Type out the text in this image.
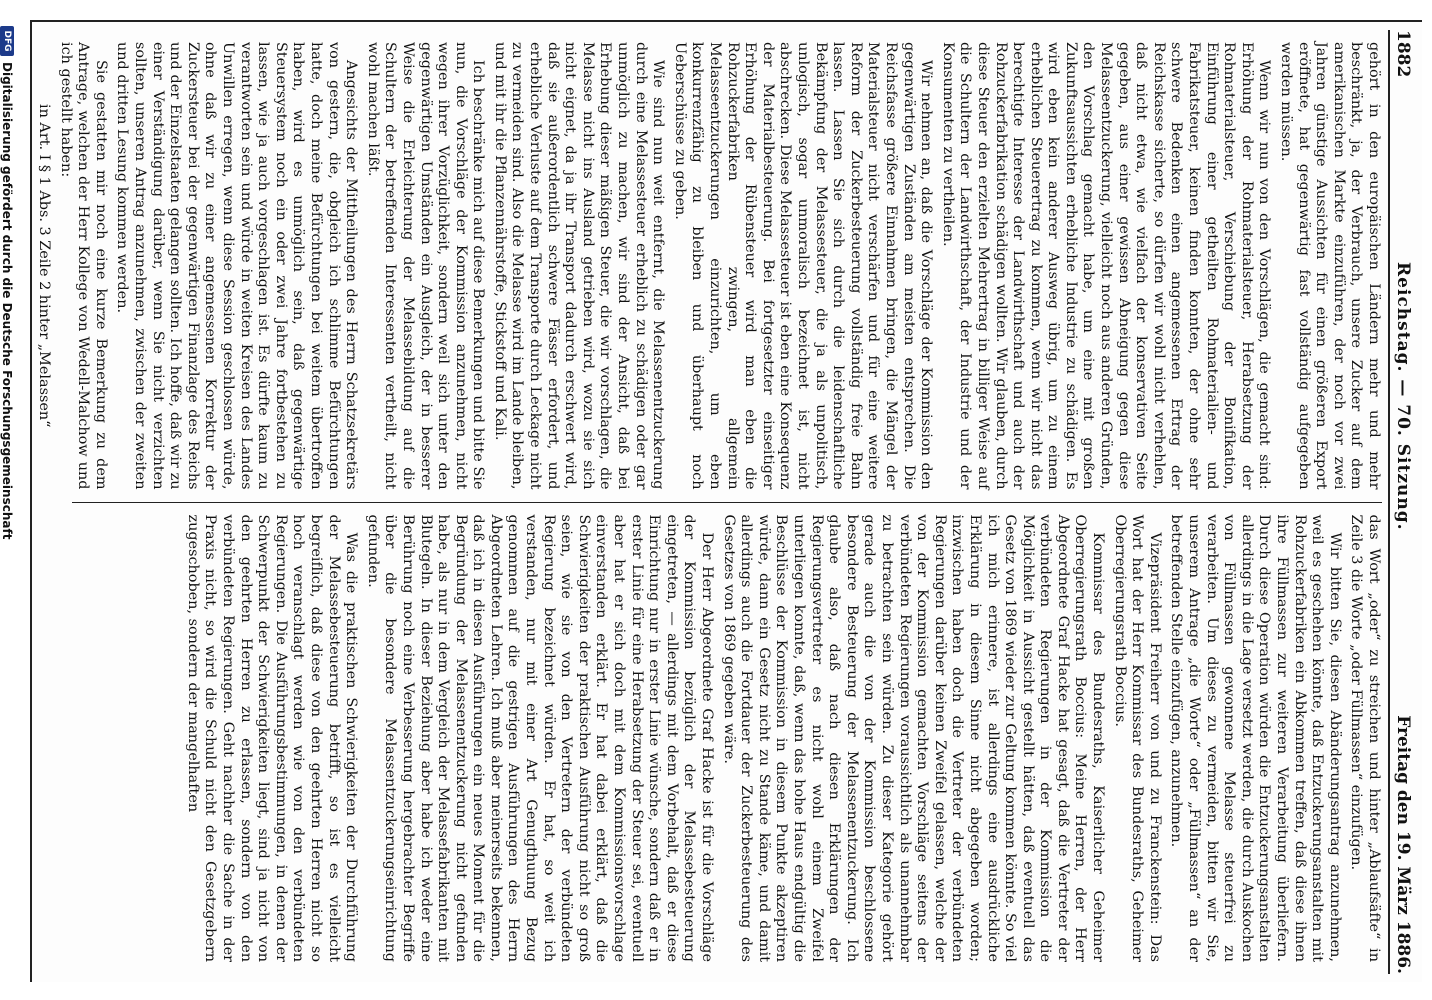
1882
Reichstag. — 70. Sitzung.
Freitag den 19. März 1886.

gehört in den europäischen Ländern mehr und mehr beschränkt, ja, der Verbrauch, unsere Zucker auf dem amerikanischen Markte einzuführen, der noch vor zwei Jahren günstige Aussichten für einen größeren Export eröffnete, hat gegenwärtig fast vollständig aufgegeben werden müssen.

Wenn wir nun von den Vorschlägen, die gemacht sind: Erhöhung der Rohmaterialsteuer, Herabsetzung der Rohmaterialsteuer, Verschiebung der Bonifikation, Einführung einer getheilten Rohmaterialien- und Fabrikatsteuer, keinen finden konnten, der ohne sehr schwere Bedenken einen angemessenen Ertrag der Reichskasse sicherte, so dürfen wir wohl nicht verhehlen, daß nicht etwa, wie vielfach der konservativen Seite gegeben, aus einer gewissen Abneigung gegen diese Melasseentzuckerung, vielleicht noch aus anderen Gründen, den Vorschlag gemacht habe, um eine mit großen Zukunftsaussichten erhebliche Industrie zu schädigen. Es wird eben kein anderer Ausweg übrig, um zu einem erheblichen Steuerertrag zu kommen, wenn wir nicht das berechtigte Interesse der Landwirthschaft und auch der Rohzuckerfabrikation schädigen wollten. Wir glauben, durch diese Steuer den erzielten Mehrertrag in billiger Weise auf die Schultern der Landwirthschaft, der Industrie und der Konsumenten zu vertheilen.

Wir nehmen an, daß die Vorschläge der Kommission den gegenwärtigen Zuständen am meisten entsprechen. Die Reichsfasse größere Einnahmen bringen, die Mängel der Materialsteuer nicht verschärfen und für eine weitere Reform der Zuckerbesteuerung vollständig freie Bahn lassen. Lassen Sie sich durch die leidenschaftliche Bekämpfung der Melassesteuer, die ja als unpolitisch, unlogisch, sogar unmoralisch bezeichnet ist, nicht abschrecken. Diese Melassesteuer ist eben eine Konsequenz der Materialbesteuerung. Bei fortgesetzter einseitiger Erhöhung der Rübensteuer wird man eben die Rohzuckerfabriken zwingen, allgemein Melasseentzuckerungen einzurichten, um eben konkurrenzfähig zu bleiben und überhaupt noch Ueberschüsse zu geben.

Wie sind nun weit entfernt, die Melassenentzuckerung durch eine Melassesteuer erheblich zu schädigen oder gar unmöglich zu machen, wir sind der Ansicht, daß bei Erhebung dieser mäßigen Steuer, die wir vorschlagen, die Melasse nicht ins Ausland getrieben wird, wozu sie sich nicht eignet, da ja ihr Transport dadurch erschwert wird, daß sie außerordentlich schwere Fässer erfordert, und erhebliche Verluste auf dem Transporte durch Leckage nicht zu vermeiden sind. Also die Melasse wird im Lande bleiben, und mit ihr die Pflanzennährstoffe, Stickstoff und Kali.

Ich beschränke mich auf diese Bemerkungen und bitte Sie nun, die Vorschläge der Kommission anzunehmen, nicht wegen ihrer Vorzüglichkeit, sondern weil sich unter den gegenwärtigen Umständen ein Ausgleich, der in besserer Weise die Erleichterung der Melassebildung auf die Schultern der betreffenden Interessenten vertheilt, nicht wohl machen läßt.

Angesichts der Mittheilungen des Herrn Schatzsekretärs von gestern, die, obgleich ich schlimme Befürchtungen hatte, doch meine Befürchtungen bei weitem übertroffen haben, wird es unmöglich sein, daß gegenwärtige Steuersystem noch ein oder zwei Jahre fortbestehen zu lassen, wie ja auch vorgeschlagen ist. Es dürfte kaum zu verantworten sein und würde in weiten Kreisen des Landes Unwillen erregen, wenn diese Session geschlossen würde, ohne daß wir zu einer angemessenen Korrektur der Zuckersteuer bei der gegenwärtigen Finanzlage des Reichs und der Einzelstaaten gelangen sollten. Ich hoffe, daß wir zu einer Verständigung darüber, wenn Sie nicht verzichten sollten, unseren Antrag anzunehmen, zwischen der zweiten und dritten Lesung kommen werden.

Sie gestatten mir noch eine kurze Bemerkung zu dem Antrage, welchen der Herr Kollege von Wedell-Malchow und ich gestellt haben:

in Art. I § 1 Abs. 3 Zeile 2 hinter „Melassen“

das Wort „oder“ zu streichen und hinter „Ablaufsäfte“ in Zeile 3 die Worte „oder Füllmassen“ einzufügen.

Wir bitten Sie, diesen Abänderungsantrag anzunehmen, weil es geschehen könnte, daß Entzuckerungsanstalten mit Rohzuckerfabriken ein Abkommen treffen, daß diese ihnen ihre Füllmassen zur weiteren Verarbeitung überliefern. Durch diese Operation würden die Entzuckerungsanstalten allerdings in die Lage versetzt werden, die durch Auskochen von Füllmassen gewonnene Melasse steuerfrei zu verarbeiten. Um dieses zu vermeiden, bitten wir Sie, unserem Antrage „die Worte“ oder „Füllmassen“ an der betreffenden Stelle einzufügen, anzunehmen.

Vizepräsident Freiherr von und zu Franckenstein: Das Wort hat der Herr Kommissar des Bundesraths, Geheimer Oberregierungsrath Boccius.

Kommissar des Bundesraths, Kaiserlicher Geheimer Oberregierungsrath Boccius: Meine Herren, der Herr Abgeordnete Graf Hacke hat gesagt, daß die Vertreter der verbündeten Regierungen in der Kommission die Möglichkeit in Aussicht gestellt hätten, daß eventuell das Gesetz von 1869 wieder zur Geltung kommen könnte. So viel ich mich erinnere, ist allerdings eine ausdrückliche Erklärung in diesem Sinne nicht abgegeben worden; inzwischen haben doch die Vertreter der verbündeten Regierungen darüber keinen Zweifel gelassen, welche der von der Kommission gemachten Vorschläge seitens der verbündeten Regierungen voraussichtlich als unannehmbar zu betrachten sein würden. Zu dieser Kategorie gehört gerade auch die von der Kommission beschlossene besondere Besteuerung der Melassenentzuckerung. Ich glaube also, daß nach diesen Erklärungen der Regierungsvertreter es nicht wohl einem Zweifel unterliegen konnte, daß, wenn das hohe Haus endgültig die Beschlüsse der Kommission in diesem Punkte akzeptiren würde, dann ein Gesetz nicht zu Stande käme, und damit allerdings auch die Fortdauer der Zuckerbesteuerung des Gesetzes von 1869 gegeben wäre.

Der Herr Abgeordnete Graf Hacke ist für die Vorschläge der Kommission bezüglich der Melassebesteuerung eingetreten, — allerdings mit dem Vorbehalt, daß er diese Einrichtung nur in erster Linie wünsche, sondern daß er in erster Linie für eine Herabsetzung der Steuer sei, eventuell aber hat er sich doch mit dem Kommissionsvorschlage einverstanden erklärt. Er hat dabei erklärt, daß die Schwierigkeiten der praktischen Ausführung nicht so groß seien, wie sie von den Vertretern der verbündeten Regierung bezeichnet würden. Er hat, so weit ich verstanden, nur mit einer Art Genugthuung Bezug genommen auf die gestrigen Ausführungen des Herrn Abgeordneten Lehren. Ich muß aber meinerseits bekennen, daß ich in diesen Ausführungen ein neues Moment für die Begründung der Melassenentzuckerung nicht gefunden habe, als nur in dem Vergleich der Melassefabrikanten mit Blutegeln. In dieser Beziehung aber habe ich weder eine Berührung noch eine Verbesserung hergebrachter Begriffe über die besondere Melassentzuckerungseinrichtung gefunden.

Was die praktischen Schwierigkeiten der Durchführung der Melassebesteuerung betrifft, so ist es vielleicht begreiflich, daß diese von den geehrten Herren nicht so hoch veranschlagt werden wie von den verbündeten Regierungen. Die Ausführungsbestimmungen, in denen der Schwerpunkt der Schwierigkeiten liegt, sind ja nicht von den geehrten Herren zu erlassen, sondern von den verbündeten Regierungen. Geht nachher die Sache in der Praxis nicht, so wird die Schuld nicht den Gesetzgebern zugeschoben, sondern der mangelhaften

DFG
Digitalisierung gefördert durch die Deutsche Forschungsgemeinschaft
